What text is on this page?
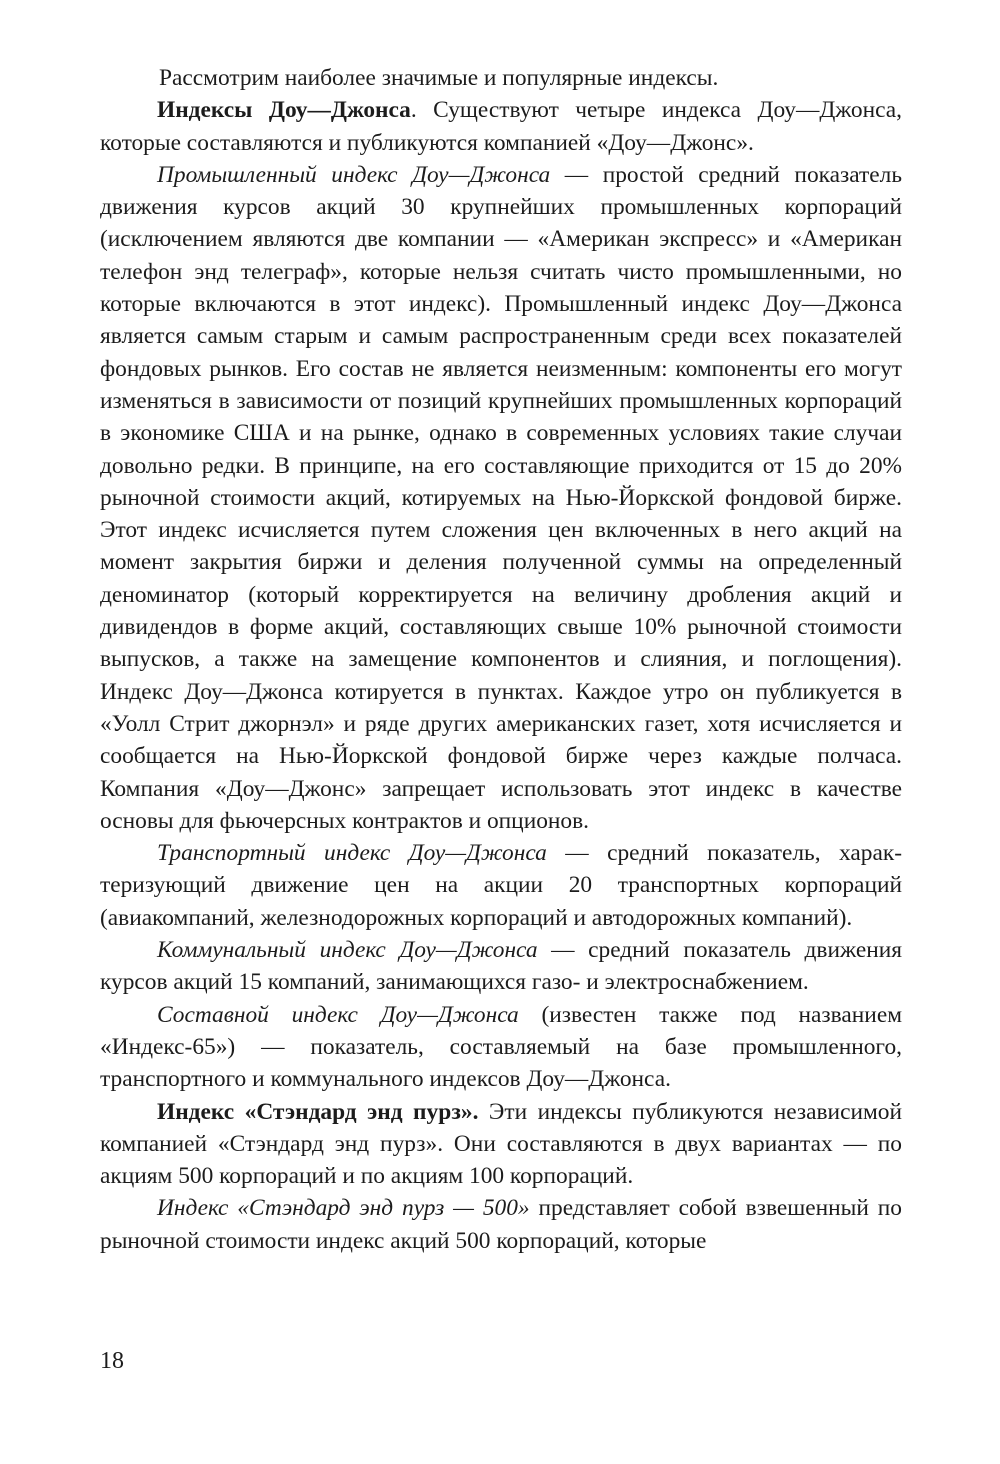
Рассмотрим наиболее значимые и популярные индексы.

Индексы Доу—Джонса. Существуют четыре индекса Доу—Джонса, которые составляются и публикуются компанией «Доу—Джонс».

Промышленный индекс Доу—Джонса — простой средний показатель движения курсов акций 30 крупнейших промышленных корпораций (исключением являются две компании — «Американ экспресс» и «Американ телефон энд телеграф», которые нельзя считать чисто промышленными, но которые включаются в этот индекс). Промышленный индекс Доу—Джонса является самым старым и самым распространенным среди всех показателей фондовых рынков. Его состав не является неизменным: компоненты его могут изменяться в зависимости от позиций крупнейших промышленных корпораций в экономике США и на рынке, однако в современных условиях такие случаи довольно редки. В принципе, на его составляющие приходится от 15 до 20% рыночной стоимости акций, котируемых на Нью-Йоркской фондовой бирже. Этот индекс исчисляется путем сложения цен включенных в него акций на момент закрытия биржи и деления полученной суммы на определенный деноминатор (который корректируется на величину дробления акций и дивидендов в форме акций, составляющих свыше 10% рыночной стоимости выпусков, а также на замещение компонентов и слияния, и поглощения). Индекс Доу—Джонса котируется в пунктах. Каждое утро он публикуется в «Уолл Стрит джорнэл» и ряде других американских газет, хотя исчисляется и сообщается на Нью-Йоркской фондовой бирже через каждые полчаса. Компания «Доу—Джонс» запрещает использовать этот индекс в качестве основы для фьючерсных контрактов и опционов.

Транспортный индекс Доу—Джонса — средний показатель, характеризующий движение цен на акции 20 транспортных корпораций (авиакомпаний, железнодорожных корпораций и автодорожных компаний).

Коммунальный индекс Доу—Джонса — средний показатель движения курсов акций 15 компаний, занимающихся газо- и электроснабжением.

Составной индекс Доу—Джонса (известен также под названием «Индекс-65») — показатель, составляемый на базе промышленного, транспортного и коммунального индексов Доу—Джонса.

Индекс «Стэндард энд пурз». Эти индексы публикуются независимой компанией «Стэндард энд пурз». Они составляются в двух вариантах — по акциям 500 корпораций и по акциям 100 корпораций.

Индекс «Стэндард энд пурз — 500» представляет собой взвешенный по рыночной стоимости индекс акций 500 корпораций, которые

18
